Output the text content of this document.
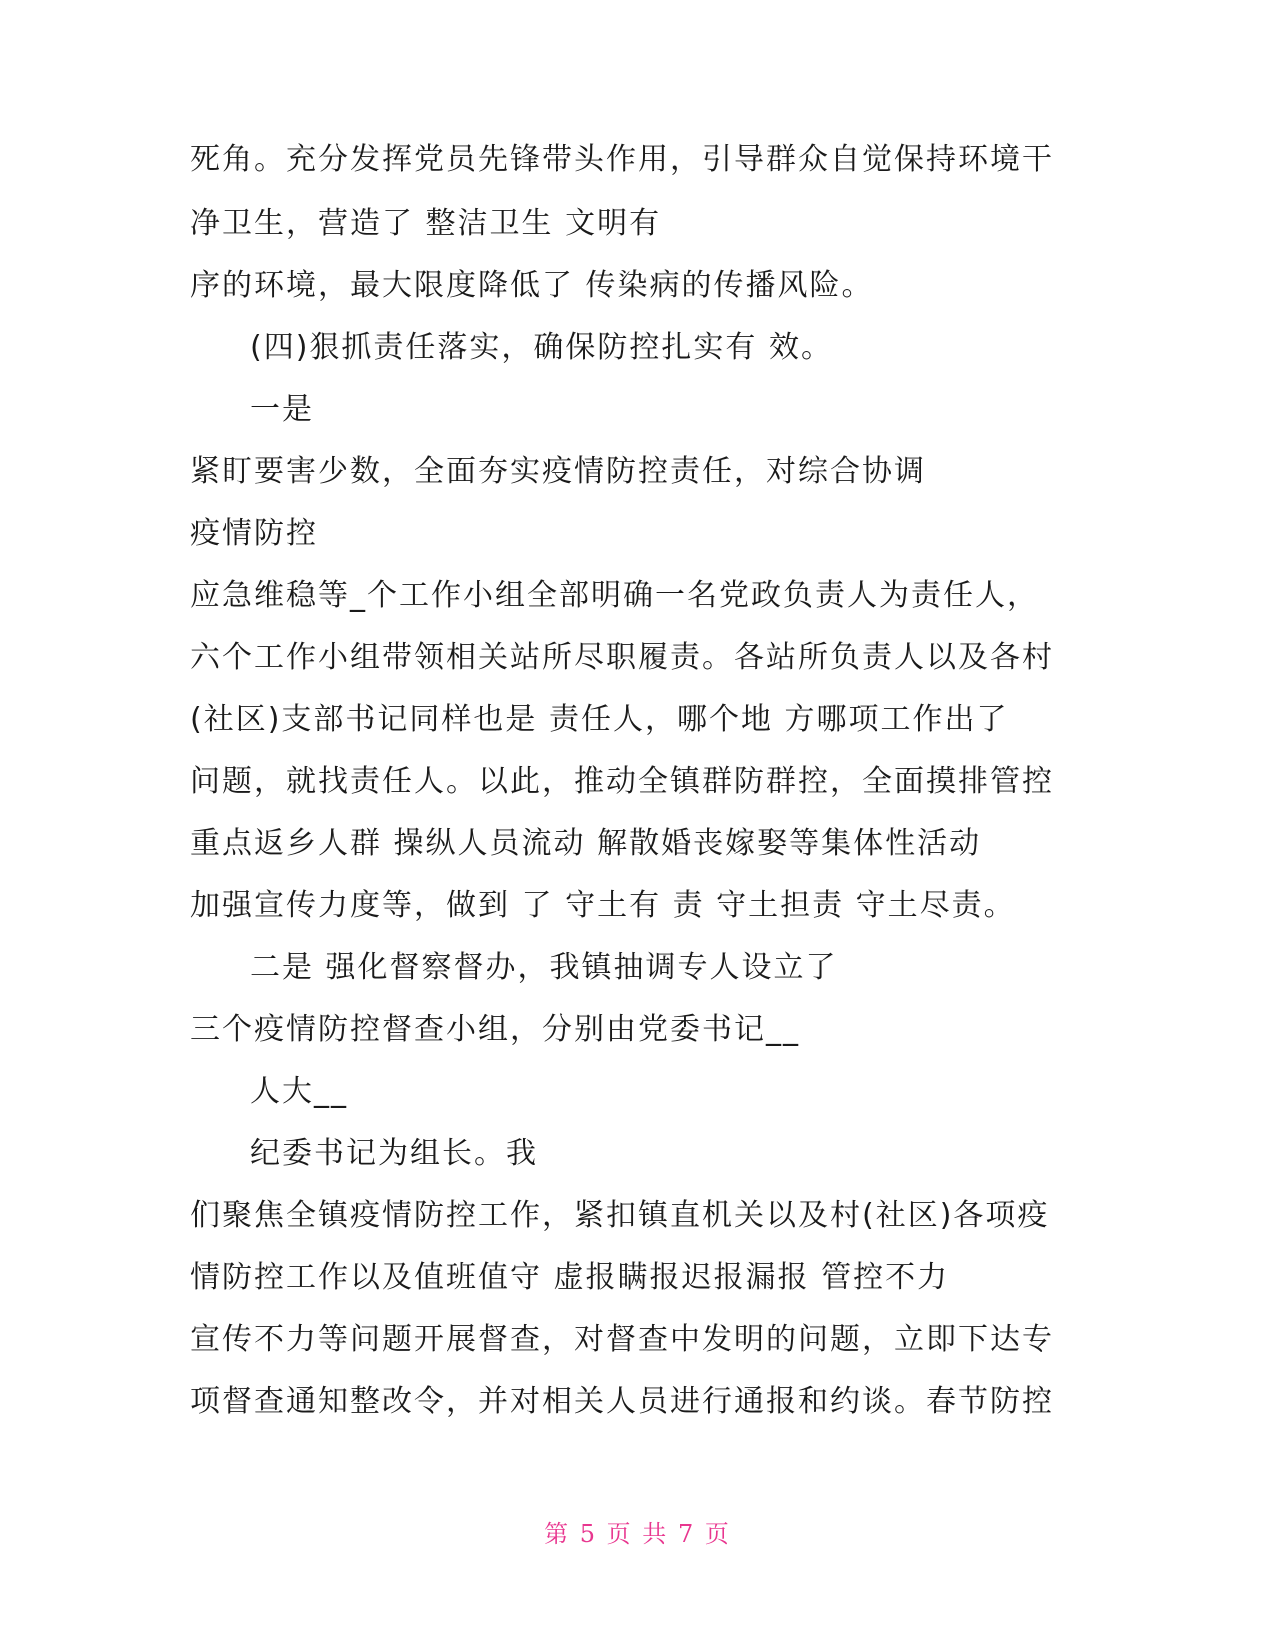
死角。充分发挥党员先锋带头作用，引导群众自觉保持环境干
净卫生，营造了 整洁卫生 文明有
序的环境，最大限度降低了 传染病的传播风险。
(四)狠抓责任落实，确保防控扎实有 效。
一是
紧盯要害少数，全面夯实疫情防控责任，对综合协调
疫情防控
应急维稳等_个工作小组全部明确一名党政负责人为责任人，
六个工作小组带领相关站所尽职履责。各站所负责人以及各村
(社区)支部书记同样也是 责任人，哪个地 方哪项工作出了
问题，就找责任人。以此，推动全镇群防群控，全面摸排管控
重点返乡人群 操纵人员流动 解散婚丧嫁娶等集体性活动
加强宣传力度等，做到 了 守土有 责 守土担责 守土尽责。
二是 强化督察督办，我镇抽调专人设立了
三个疫情防控督查小组，分别由党委书记__
人大__
纪委书记为组长。我
们聚焦全镇疫情防控工作，紧扣镇直机关以及村(社区)各项疫
情防控工作以及值班值守 虚报瞒报迟报漏报 管控不力
宣传不力等问题开展督查，对督查中发明的问题，立即下达专
项督查通知整改令，并对相关人员进行通报和约谈。春节防控
第 5 页 共 7 页
